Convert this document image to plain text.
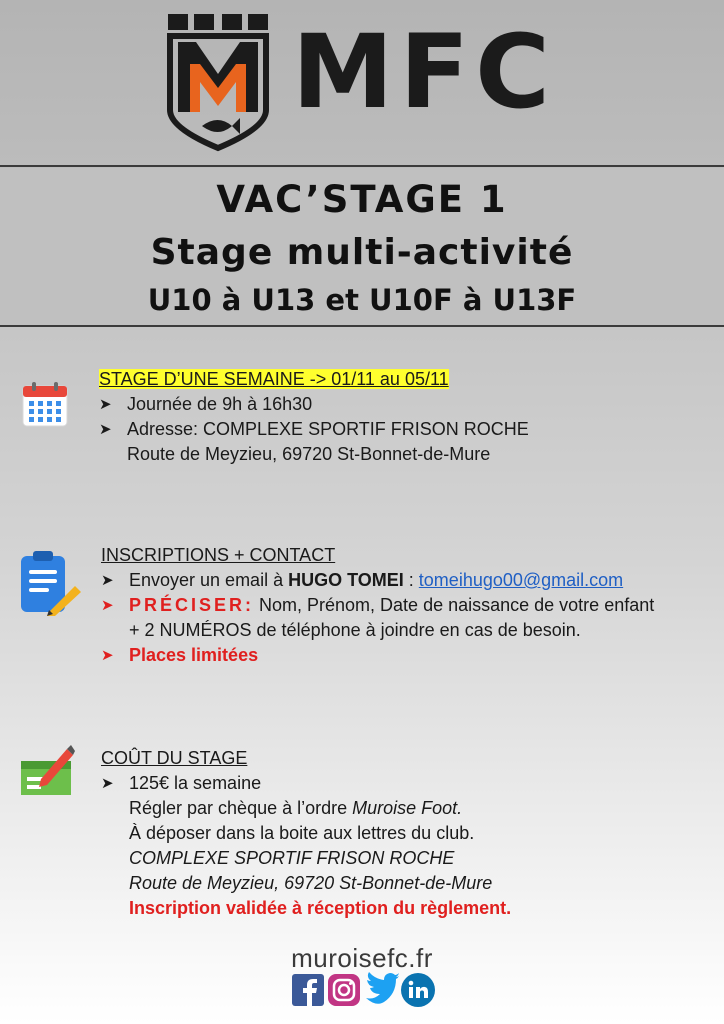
MFC
VAC’STAGE 1
Stage multi-activité
U10 à U13 et U10F à U13F
STAGE D’UNE SEMAINE -> 01/11 au 05/11
➤ Journée de 9h à 16h30
➤ Adresse: COMPLEXE SPORTIF FRISON ROCHE
Route de Meyzieu, 69720 St-Bonnet-de-Mure
INSCRIPTIONS + CONTACT
➤ Envoyer un email à HUGO TOMEI : tomeihugo00@gmail.com
➤ PRÉCISER: Nom, Prénom, Date de naissance de votre enfant
+ 2 NUMÉROS de téléphone à joindre en cas de besoin.
➤ Places limitées
COÛT DU STAGE
➤ 125€ la semaine
Régler par chèque à l’ordre Muroise Foot.
À déposer dans la boite aux lettres du club.
COMPLEXE SPORTIF FRISON ROCHE
Route de Meyzieu, 69720 St-Bonnet-de-Mure
Inscription validée à réception du règlement.
muroisefc.fr
